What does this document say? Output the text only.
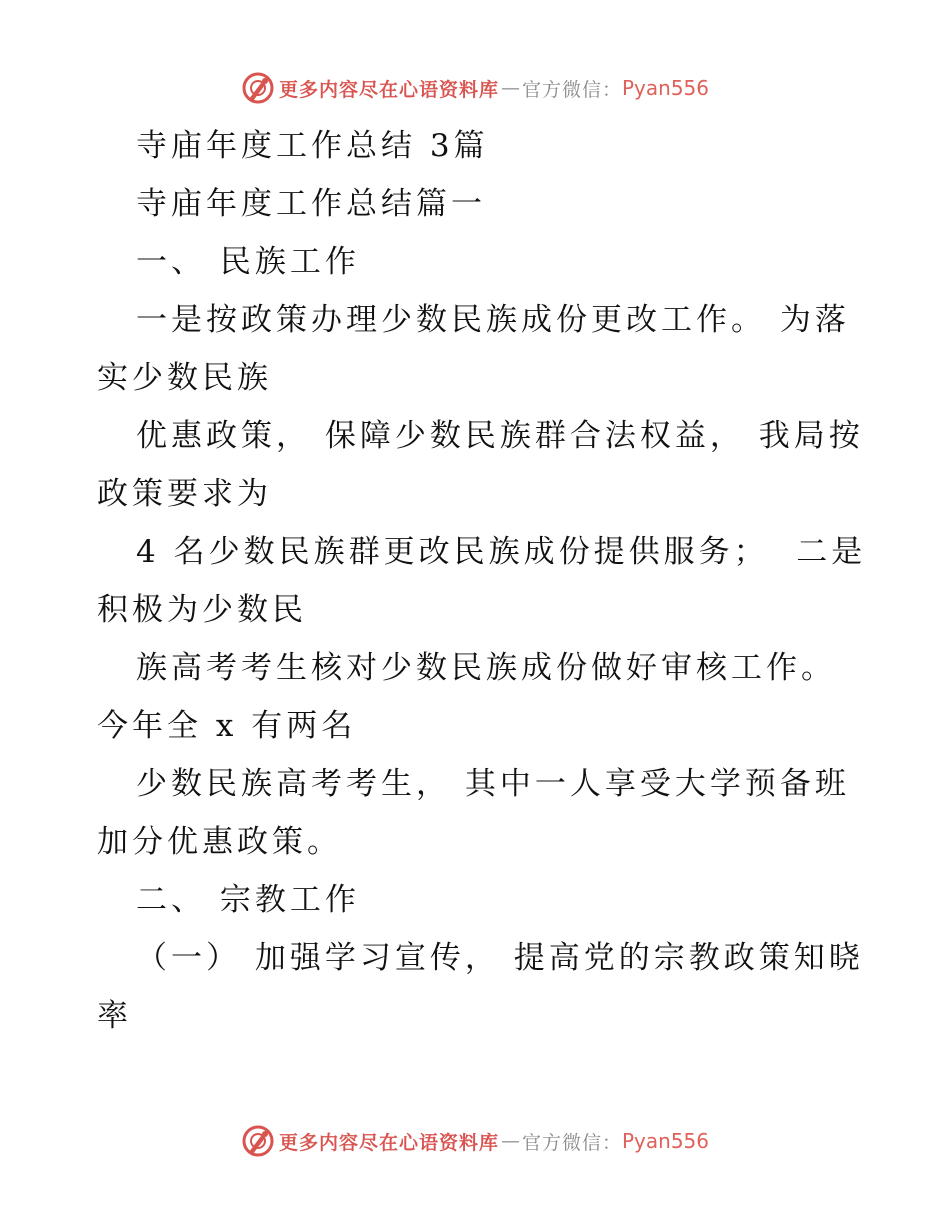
更多内容尽在心语资料库 — 官方微信： Pyan556
寺庙年度工作总结 3篇
寺庙年度工作总结篇一
一、 民族工作
一是按政策办理少数民族成份更改工作。 为落
实少数民族
优惠政策， 保障少数民族群合法权益， 我局按
政策要求为
4 名少数民族群更改民族成份提供服务；  二是
积极为少数民
族高考考生核对少数民族成份做好审核工作。
今年全 x 有两名
少数民族高考考生， 其中一人享受大学预备班
加分优惠政策。
二、 宗教工作
（一） 加强学习宣传， 提高党的宗教政策知晓
率
更多内容尽在心语资料库 — 官方微信： Pyan556
